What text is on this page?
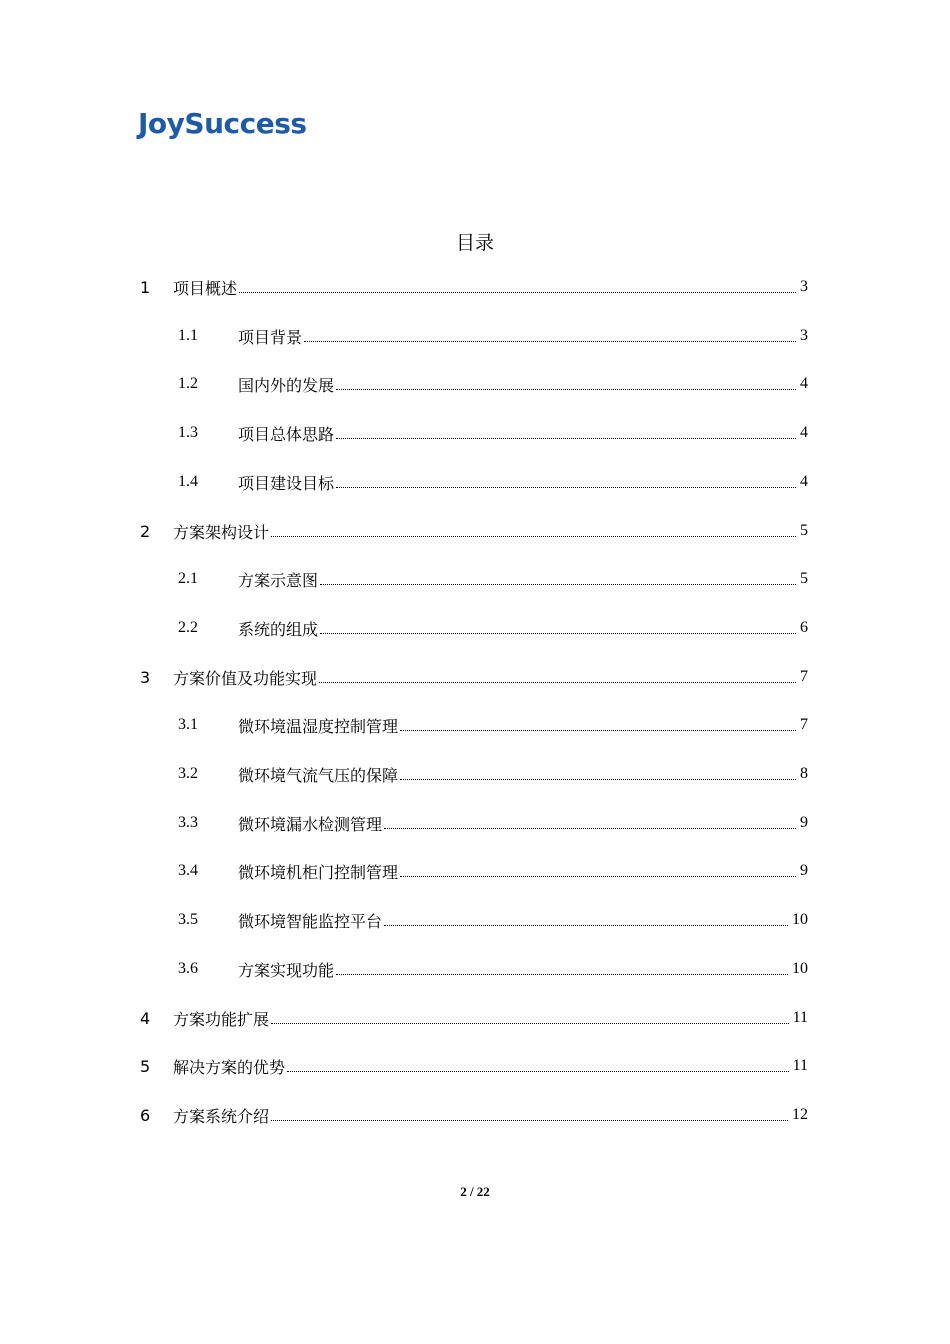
JoySuccess
目录
1	项目概述	3
1.1	项目背景	3
1.2	国内外的发展	4
1.3	项目总体思路	4
1.4	项目建设目标	4
2	方案架构设计	5
2.1	方案示意图	5
2.2	系统的组成	6
3	方案价值及功能实现	7
3.1	微环境温湿度控制管理	7
3.2	微环境气流气压的保障	8
3.3	微环境漏水检测管理	9
3.4	微环境机柜门控制管理	9
3.5	微环境智能监控平台	10
3.6	方案实现功能	10
4	方案功能扩展	11
5	解决方案的优势	11
6	方案系统介绍	12
2 / 22
